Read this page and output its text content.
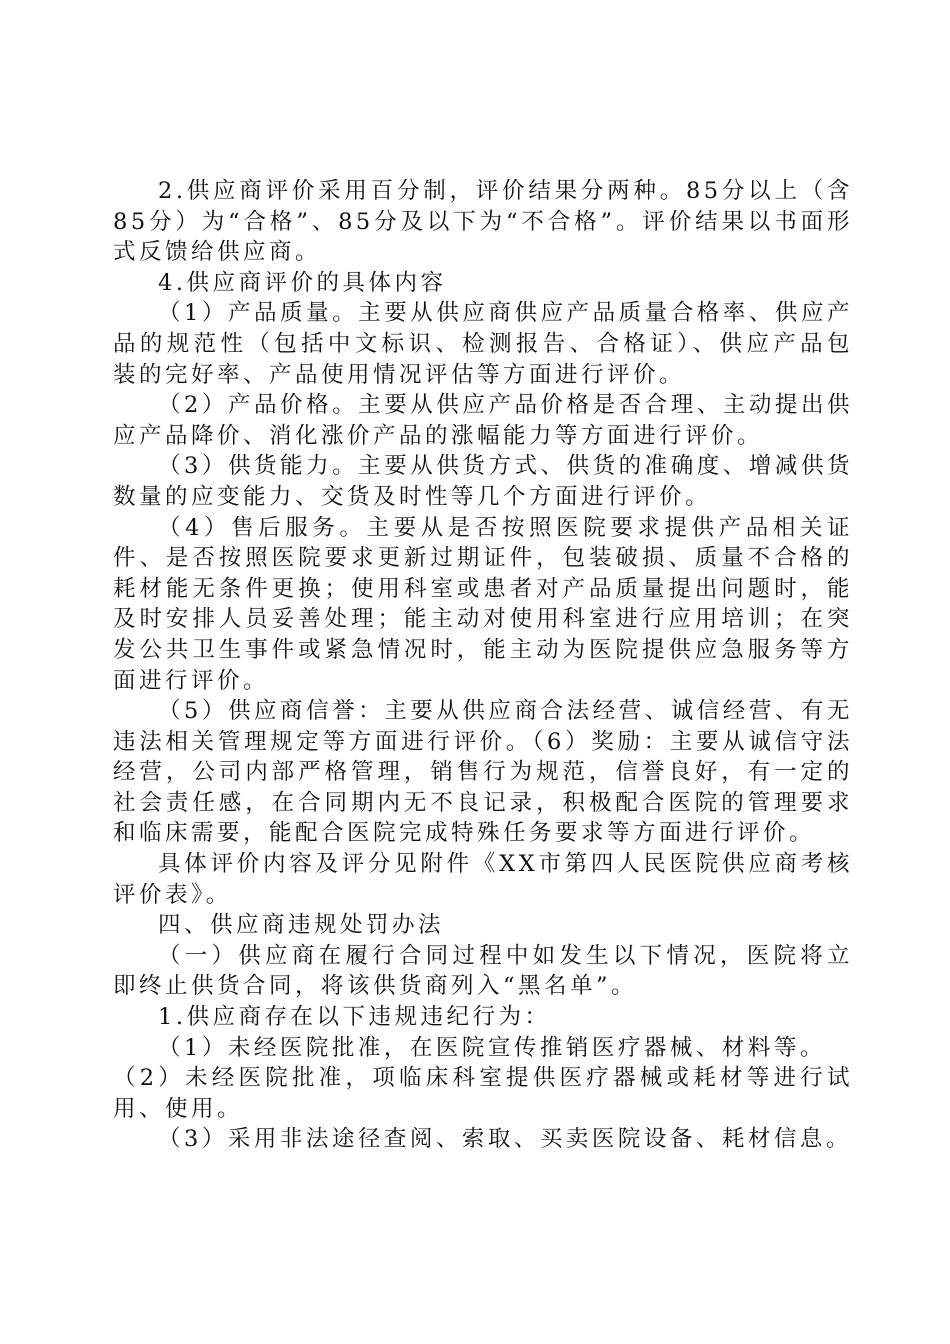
2.供应商评价采用百分制，评价结果分两种。85分以上（含85分）为“合格”、85分及以下为“不合格”。评价结果以书面形式反馈给供应商。

4.供应商评价的具体内容

（1）产品质量。主要从供应商供应产品质量合格率、供应产品的规范性（包括中文标识、检测报告、合格证）、供应产品包装的完好率、产品使用情况评估等方面进行评价。

（2）产品价格。主要从供应产品价格是否合理、主动提出供应产品降价、消化涨价产品的涨幅能力等方面进行评价。

（3）供货能力。主要从供货方式、供货的准确度、增减供货数量的应变能力、交货及时性等几个方面进行评价。

（4）售后服务。主要从是否按照医院要求提供产品相关证件、是否按照医院要求更新过期证件，包装破损、质量不合格的耗材能无条件更换；使用科室或患者对产品质量提出问题时，能及时安排人员妥善处理；能主动对使用科室进行应用培训；在突发公共卫生事件或紧急情况时，能主动为医院提供应急服务等方面进行评价。

（5）供应商信誉：主要从供应商合法经营、诚信经营、有无违法相关管理规定等方面进行评价。（6）奖励：主要从诚信守法经营，公司内部严格管理，销售行为规范，信誉良好，有一定的社会责任感，在合同期内无不良记录，积极配合医院的管理要求和临床需要，能配合医院完成特殊任务要求等方面进行评价。

具体评价内容及评分见附件《XX市第四人民医院供应商考核评价表》。

四、供应商违规处罚办法

（一）供应商在履行合同过程中如发生以下情况，医院将立即终止供货合同，将该供货商列入“黑名单”。

1.供应商存在以下违规违纪行为：

（1）未经医院批准，在医院宣传推销医疗器械、材料等。

（2）未经医院批准，项临床科室提供医疗器械或耗材等进行试用、使用。

（3）采用非法途径查阅、索取、买卖医院设备、耗材信息。
